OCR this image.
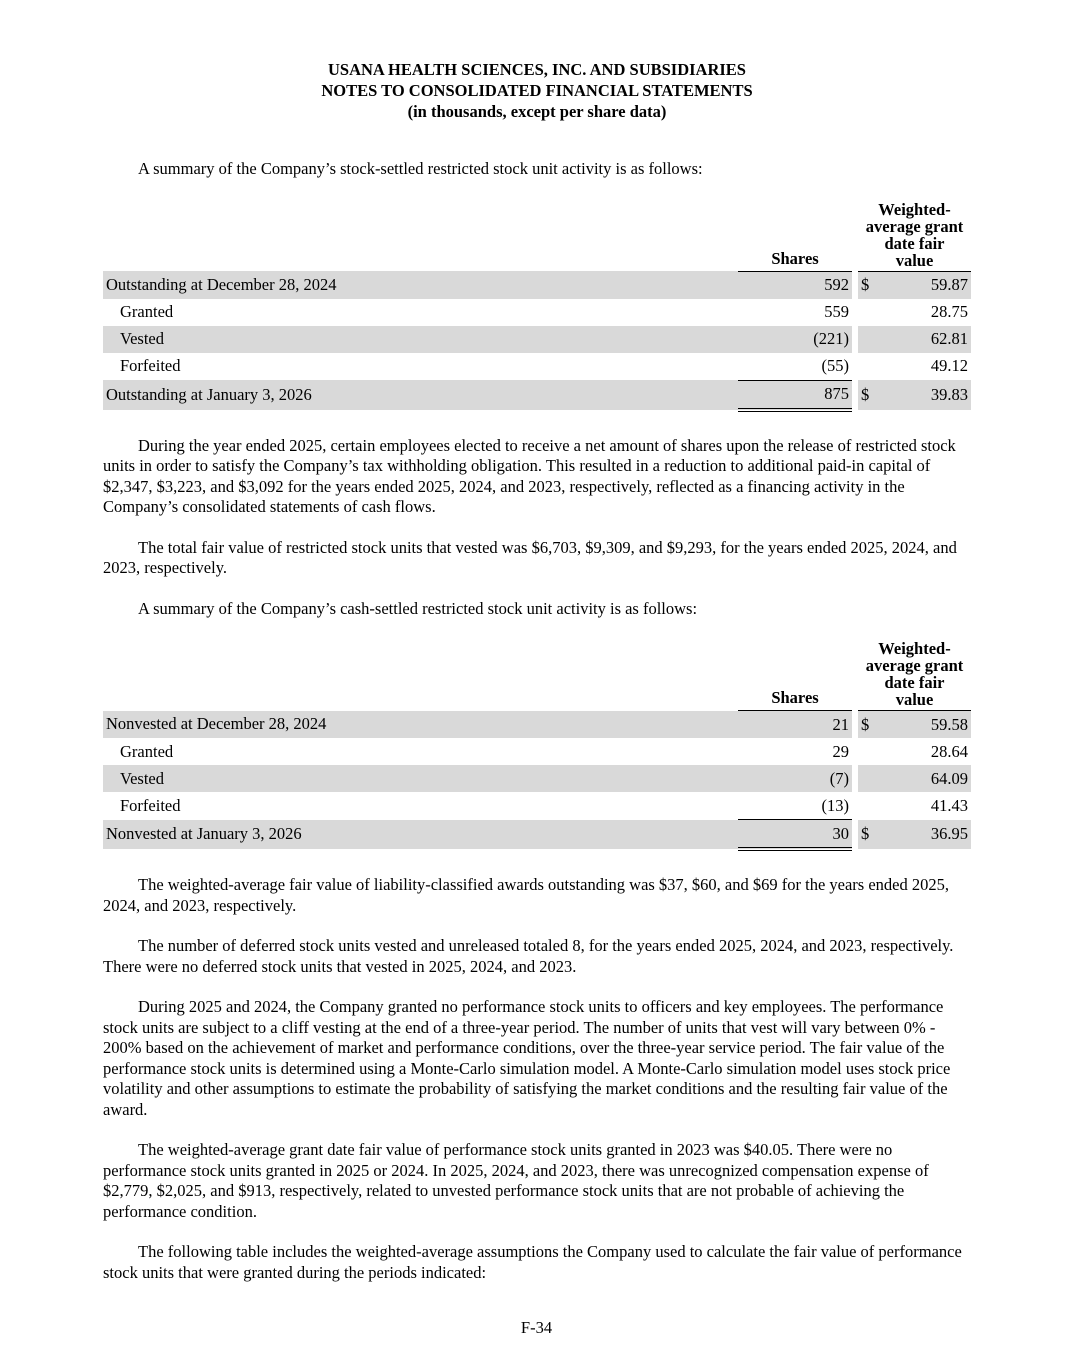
USANA HEALTH SCIENCES, INC. AND SUBSIDIARIES
NOTES TO CONSOLIDATED FINANCIAL STATEMENTS
(in thousands, except per share data)

A summary of the Company’s stock-settled restricted stock unit activity is as follows:

	Shares		Weighted-
average grant
date fair
value	

Outstanding at December 28, 2024	592		$	59.87
Granted	559			28.75
Vested	(221)			62.81
Forfeited	(55)			49.12
Outstanding at January 3, 2026	875		$	39.83

During the year ended 2025, certain employees elected to receive a net amount of shares upon the release of restricted stock units in order to satisfy the Company’s tax withholding obligation. This resulted in a reduction to additional paid-in capital of $2,347, $3,223, and $3,092 for the years ended 2025, 2024, and 2023, respectively, reflected as a financing activity in the Company’s consolidated statements of cash flows.

The total fair value of restricted stock units that vested was $6,703, $9,309, and $9,293, for the years ended 2025, 2024, and 2023, respectively.

A summary of the Company’s cash-settled restricted stock unit activity is as follows:

	Shares		Weighted-
average grant
date fair
value	

Nonvested at December 28, 2024	21		$	59.58
Granted	29			28.64
Vested	(7)			64.09
Forfeited	(13)			41.43
Nonvested at January 3, 2026	30		$	36.95

The weighted-average fair value of liability-classified awards outstanding was $37, $60, and $69 for the years ended 2025, 2024, and 2023, respectively.

The number of deferred stock units vested and unreleased totaled 8, for the years ended 2025, 2024, and 2023, respectively. There were no deferred stock units that vested in 2025, 2024, and 2023.

During 2025 and 2024, the Company granted no performance stock units to officers and key employees. The performance stock units are subject to a cliff vesting at the end of a three-year period. The number of units that vest will vary between 0% - 200% based on the achievement of market and performance conditions, over the three-year service period. The fair value of the performance stock units is determined using a Monte-Carlo simulation model. A Monte-Carlo simulation model uses stock price volatility and other assumptions to estimate the probability of satisfying the market conditions and the resulting fair value of the award.

The weighted-average grant date fair value of performance stock units granted in 2023 was $40.05. There were no performance stock units granted in 2025 or 2024. In 2025, 2024, and 2023, there was unrecognized compensation expense of $2,779, $2,025, and $913, respectively, related to unvested performance stock units that are not probable of achieving the performance condition.

The following table includes the weighted-average assumptions the Company used to calculate the fair value of performance stock units that were granted during the periods indicated:

F-34
